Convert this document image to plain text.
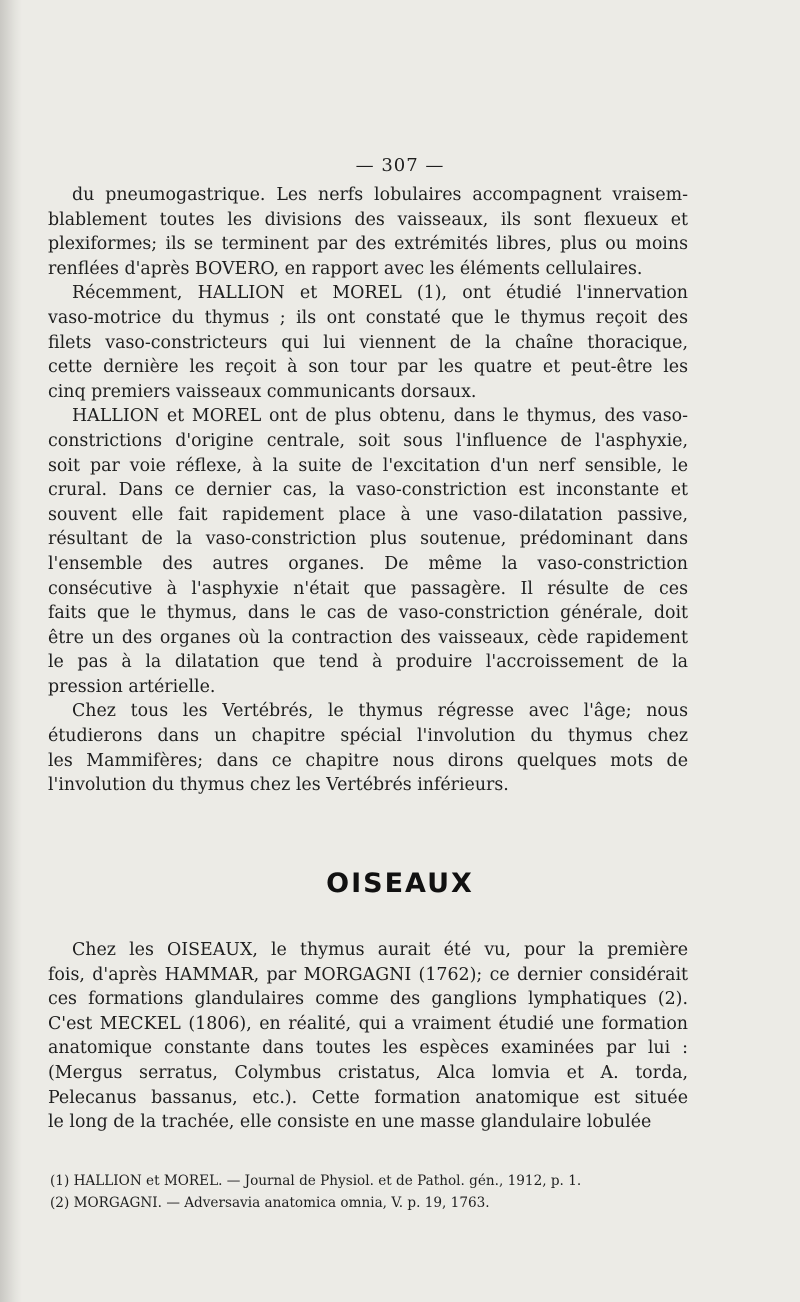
— 307 —
du pneumogastrique. Les nerfs lobulaires accompagnent vraisem-
blablement toutes les divisions des vaisseaux, ils sont flexueux et
plexiformes; ils se terminent par des extrémités libres, plus ou moins
renflées d'après BOVERO, en rapport avec les éléments cellulaires.
Récemment, HALLION et MOREL (1), ont étudié l'innervation
vaso-motrice du thymus ; ils ont constaté que le thymus reçoit des
filets vaso-constricteurs qui lui viennent de la chaîne thoracique,
cette dernière les reçoit à son tour par les quatre et peut-être les
cinq premiers vaisseaux communicants dorsaux.
HALLION et MOREL ont de plus obtenu, dans le thymus, des vaso-
constrictions d'origine centrale, soit sous l'influence de l'asphyxie,
soit par voie réflexe, à la suite de l'excitation d'un nerf sensible, le
crural. Dans ce dernier cas, la vaso-constriction est inconstante et
souvent elle fait rapidement place à une vaso-dilatation passive,
résultant de la vaso-constriction plus soutenue, prédominant dans
l'ensemble des autres organes. De même la vaso-constriction
consécutive à l'asphyxie n'était que passagère. Il résulte de ces
faits que le thymus, dans le cas de vaso-constriction générale, doit
être un des organes où la contraction des vaisseaux, cède rapidement
le pas à la dilatation que tend à produire l'accroissement de la
pression artérielle.
Chez tous les Vertébrés, le thymus régresse avec l'âge; nous
étudierons dans un chapitre spécial l'involution du thymus chez
les Mammifères; dans ce chapitre nous dirons quelques mots de
l'involution du thymus chez les Vertébrés inférieurs.
OISEAUX
Chez les OISEAUX, le thymus aurait été vu, pour la première
fois, d'après HAMMAR, par MORGAGNI (1762); ce dernier considérait
ces formations glandulaires comme des ganglions lymphatiques (2).
C'est MECKEL (1806), en réalité, qui a vraiment étudié une formation
anatomique constante dans toutes les espèces examinées par lui :
(Mergus serratus, Colymbus cristatus, Alca lomvia et A. torda,
Pelecanus bassanus, etc.). Cette formation anatomique est située
le long de la trachée, elle consiste en une masse glandulaire lobulée
(1) HALLION et MOREL. — Journal de Physiol. et de Pathol. gén., 1912, p. 1.
(2) MORGAGNI. — Adversavia anatomica omnia, V. p. 19, 1763.
